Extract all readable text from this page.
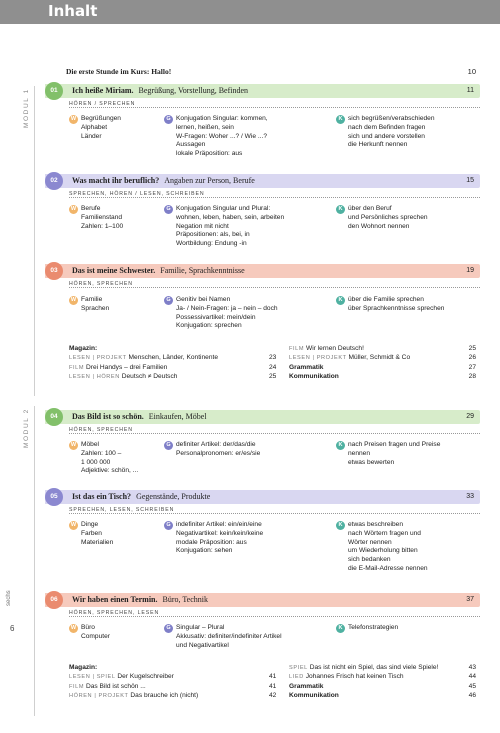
Inhalt
Die erste Stunde im Kurs: Hallo!	10
MODUL 1
MODUL 2
01	Ich heiße Miriam. Begrüßung, Vorstellung, Befinden	11
HÖREN / SPRECHEN
W Begrüßungen
Alphabet
Länder
G Konjugation Singular: kommen,
lernen, heißen, sein
W-Fragen: Woher ...? / Wie ...?
Aussagen
lokale Präposition: aus
K sich begrüßen/verabschieden
nach dem Befinden fragen
sich und andere vorstellen
die Herkunft nennen
02	Was macht ihr beruflich? Angaben zur Person, Berufe	15
SPRECHEN, HÖREN / LESEN, SCHREIBEN
W Berufe
Familienstand
Zahlen: 1–100
G Konjugation Singular und Plural:
wohnen, leben, haben, sein, arbeiten
Negation mit nicht
Präpositionen: als, bei, in
Wortbildung: Endung -in
K über den Beruf
und Persönliches sprechen
den Wohnort nennen
03	Das ist meine Schwester. Familie, Sprachkenntnisse	19
HÖREN, SPRECHEN
W Familie
Sprachen
G Genitiv bei Namen
Ja- / Nein-Fragen: ja – nein – doch
Possessivartikel: mein/dein
Konjugation: sprechen
K über die Familie sprechen
über Sprachkenntnisse sprechen
Magazin:	FILM Wir lernen Deutsch!	25
LESEN | PROJEKT Menschen, Länder, Kontinente	23 LESEN | PROJEKT Müller, Schmidt & Co	26
FILM Drei Handys – drei Familien	24 Grammatik	27
LESEN | HÖREN Deutsch ≠ Deutsch	25 Kommunikation	28
04	Das Bild ist so schön. Einkaufen, Möbel	29
HÖREN, SPRECHEN
W Möbel
Zahlen: 100 –
1 000 000
Adjektive: schön, ...
G definiter Artikel: der/das/die
Personalpronomen: er/es/sie
K nach Preisen fragen und Preise
nennen
etwas bewerten
05	Ist das ein Tisch? Gegenstände, Produkte	33
SPRECHEN, LESEN, SCHREIBEN
W Dinge
Farben
Materialien
G indefiniter Artikel: ein/ein/eine
Negativartikel: kein/kein/keine
modale Präposition: aus
Konjugation: sehen
K etwas beschreiben
nach Wörtern fragen und
Wörter nennen
um Wiederholung bitten
sich bedanken
die E-Mail-Adresse nennen
06	Wir haben einen Termin. Büro, Technik	37
HÖREN, SPRECHEN, LESEN
W Büro
Computer
G Singular – Plural
Akkusativ: definiter/indefiniter Artikel
und Negativartikel
K Telefonstrategien
Magazin:	SPIEL Das ist nicht ein Spiel, das sind viele Spiele!	43
LESEN | SPIEL Der Kugelschreiber	41 LIED Johannes Frisch hat keinen Tisch	44
FILM Das Bild ist schön ...	41 Grammatik	45
HÖREN | PROJEKT Das brauche ich (nicht)	42 Kommunikation	46
sechs
6
